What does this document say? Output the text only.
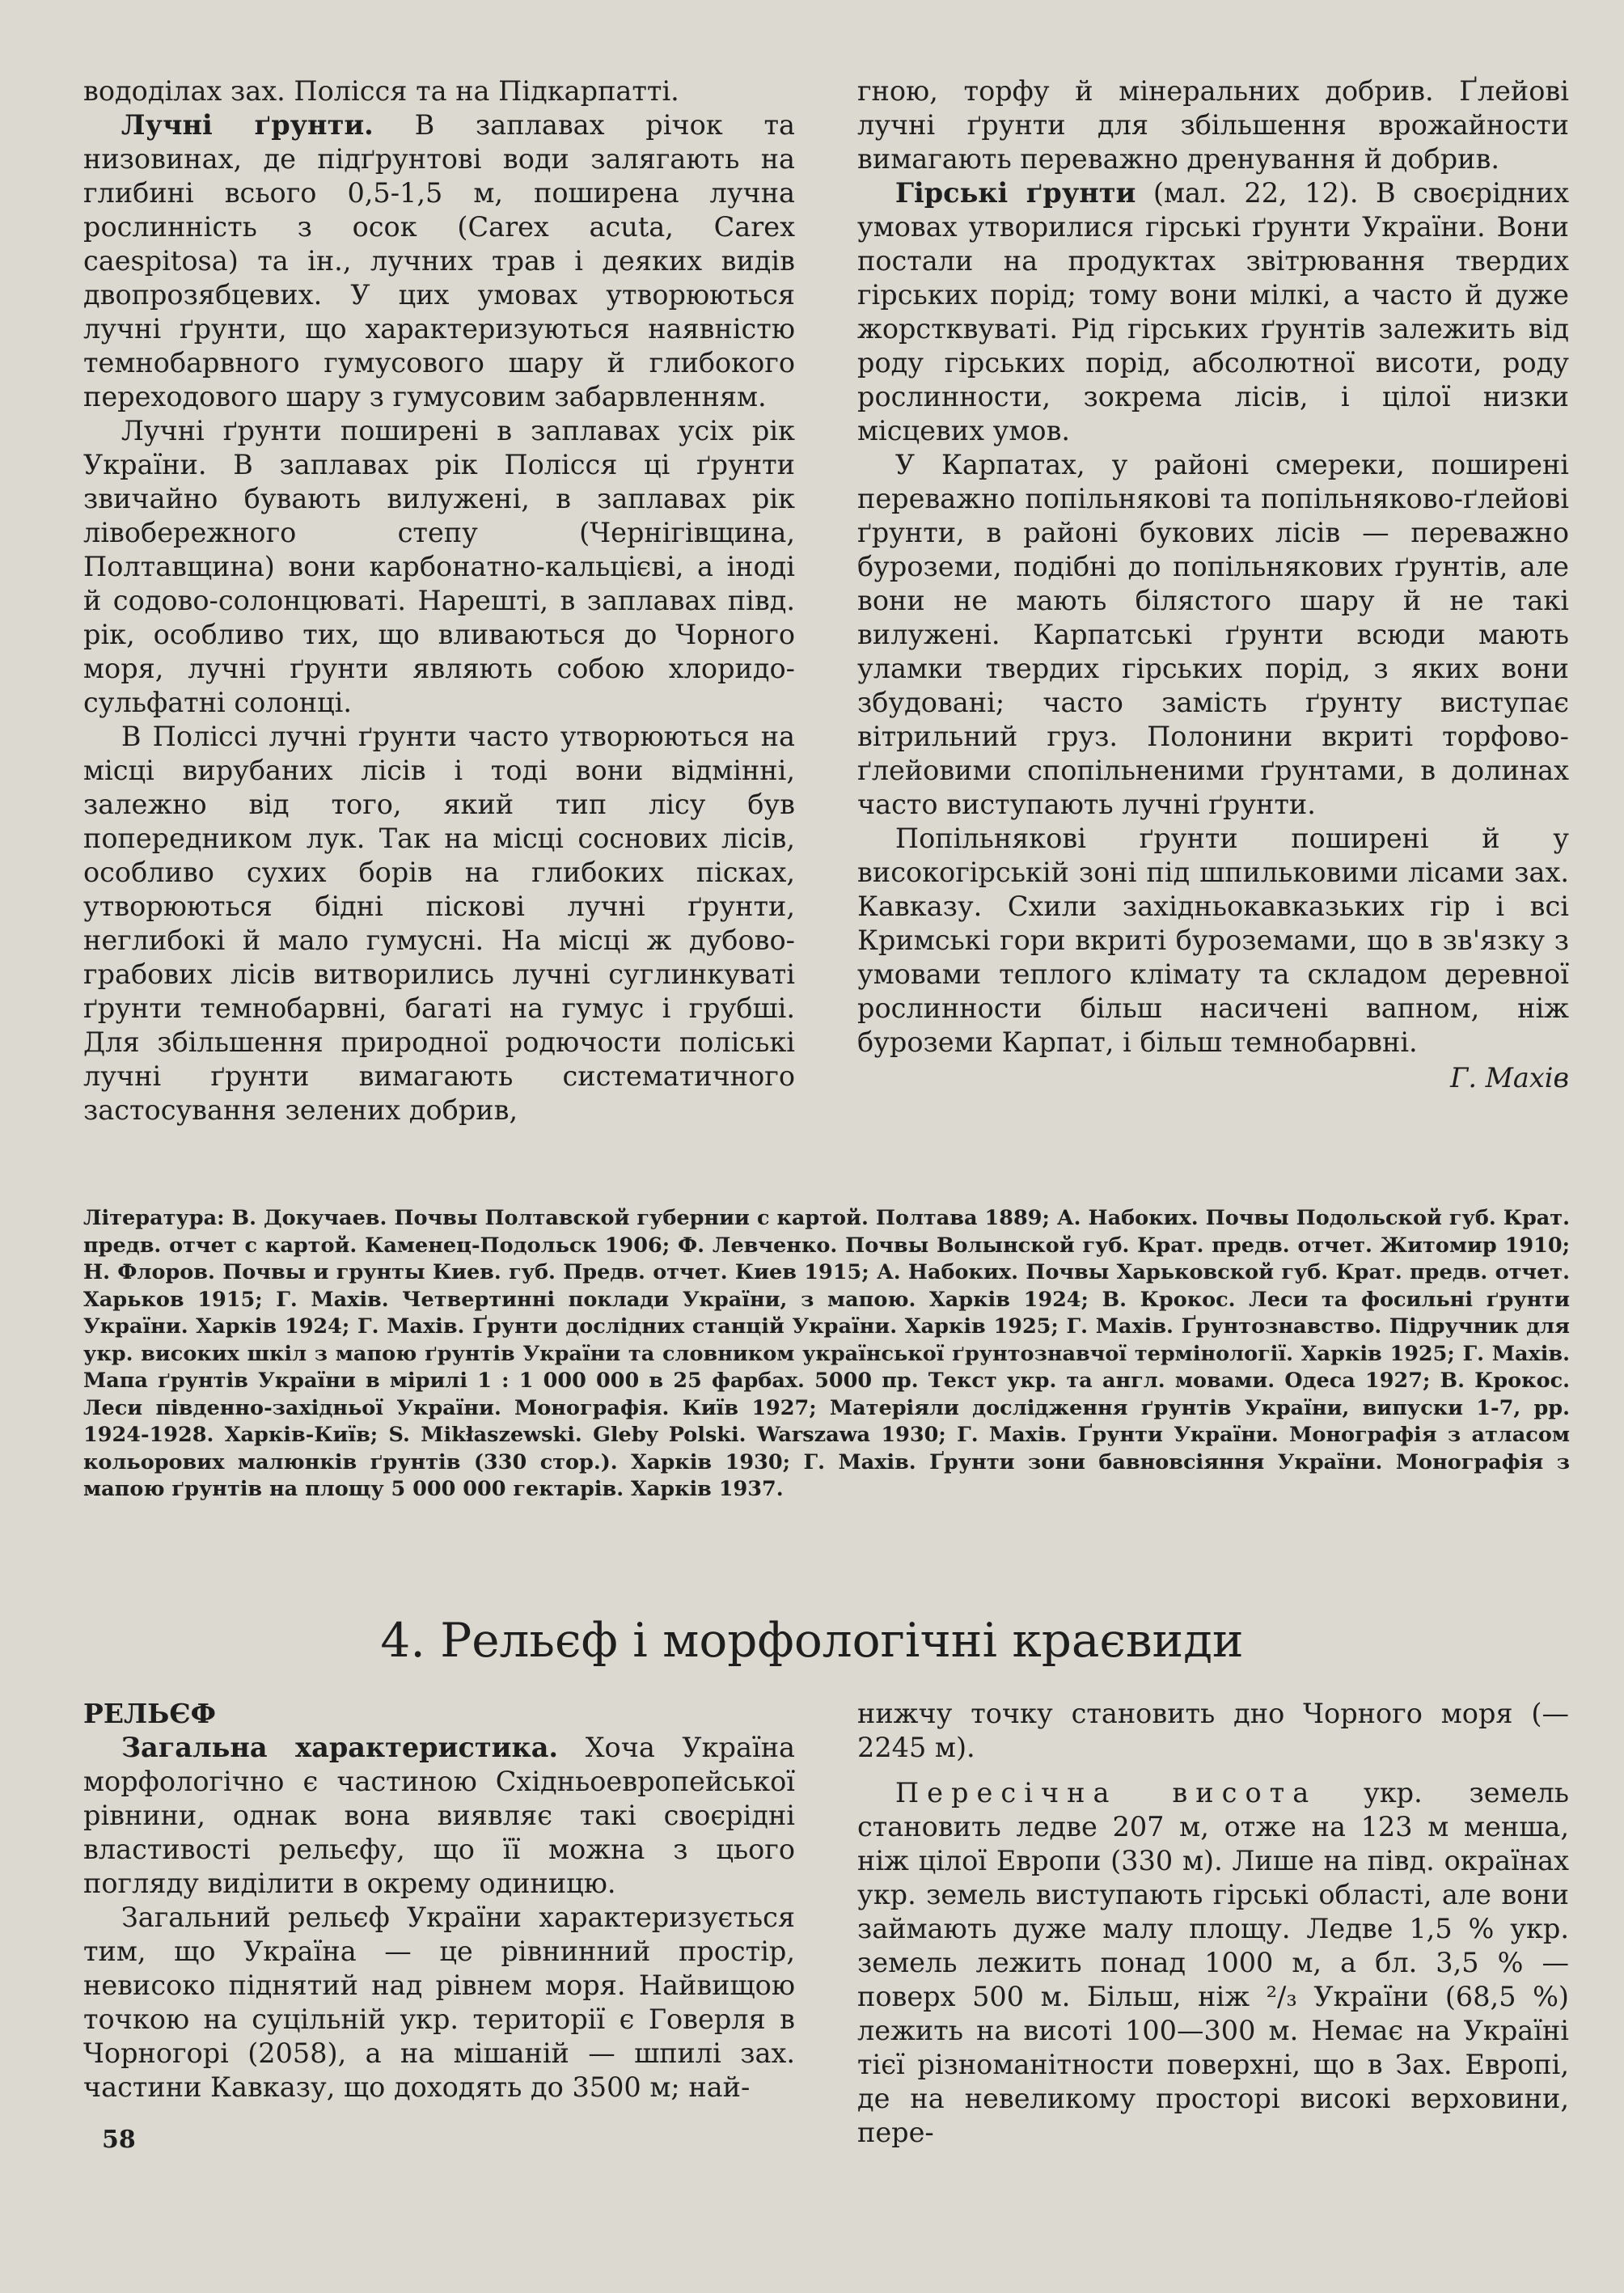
вододілах зах. Полісся та на Підкарпатті.

Лучні ґрунти. В заплавах річок та низовинах, де підґрунтові води залягають на глибині всього 0,5-1,5 м, поширена лучна рослинність з осок (Carex acuta, Carex caespitosa) та ін., лучних трав і деяких видів двопрозябцевих. У цих умовах утворюються лучні ґрунти, що характеризуються наявністю темнобарвного гумусового шару й глибокого переходового шару з гумусовим забарвленням.

Лучні ґрунти поширені в заплавах усіх рік України. В заплавах рік Полісся ці ґрунти звичайно бувають вилужені, в заплавах рік лівобережного степу (Чернігівщина, Полтавщина) вони карбонатно-кальцієві, а іноді й содово-солонцюваті. Нарешті, в заплавах півд. рік, особливо тих, що вливаються до Чорного моря, лучні ґрунти являють собою хлоридо-сульфатні солонці.

В Поліссі лучні ґрунти часто утворюються на місці вирубаних лісів і тоді вони відмінні, залежно від того, який тип лісу був попередником лук. Так на місці соснових лісів, особливо сухих борів на глибоких пісках, утворюються бідні піскові лучні ґрунти, неглибокі й мало гумусні. На місці ж дубово-грабових лісів витворились лучні суглинкуваті ґрунти темнобарвні, багаті на гумус і грубші. Для збільшення природної родючости поліські лучні ґрунти вимагають систематичного застосування зелених добрив,

гною, торфу й мінеральних добрив. Ґлейові лучні ґрунти для збільшення врожайности вимагають переважно дренування й добрив.

Гірські ґрунти (мал. 22, 12). В своєрідних умовах утворилися гірські ґрунти України. Вони постали на продуктах звітрювання твердих гірських порід; тому вони мілкі, а часто й дуже жорстквуваті. Рід гірських ґрунтів залежить від роду гірських порід, абсолютної висоти, роду рослинности, зокрема лісів, і цілої низки місцевих умов.

У Карпатах, у районі смереки, поширені переважно попільнякові та попільняково-ґлейові ґрунти, в районі букових лісів — переважно буроземи, подібні до попільнякових ґрунтів, але вони не мають білястого шару й не такі вилужені. Карпатські ґрунти всюди мають уламки твердих гірських порід, з яких вони збудовані; часто замість ґрунту виступає вітрильний груз. Полонини вкриті торфово-ґлейовими спопільненими ґрунтами, в долинах часто виступають лучні ґрунти.

Попільнякові ґрунти поширені й у високогірській зоні під шпильковими лісами зах. Кавказу. Схили західньокавказьких гір і всі Кримські гори вкриті буроземами, що в зв'язку з умовами теплого клімату та складом деревної рослинности більш насичені вапном, ніж буроземи Карпат, і більш темнобарвні.

Г. Махів
Література: В. Докучаев. Почвы Полтавской губернии с картой. Полтава 1889; А. Набоких. Почвы Подольской губ. Крат. предв. отчет с картой. Каменец-Подольск 1906; Ф. Левченко. Почвы Волынской губ. Крат. предв. отчет. Житомир 1910; Н. Флоров. Почвы и грунты Киев. губ. Предв. отчет. Киев 1915; А. Набоких. Почвы Харьковской губ. Крат. предв. отчет. Харьков 1915; Г. Махів. Четвертинні поклади України, з мапою. Харків 1924; В. Крокос. Леси та фосильні ґрунти України. Харків 1924; Г. Махів. Ґрунти дослідних станцій України. Харків 1925; Г. Махів. Ґрунтознавство. Підручник для укр. високих шкіл з мапою ґрунтів України та словником української ґрунтознавчої термінології. Харків 1925; Г. Махів. Мапа ґрунтів України в мірилі 1 : 1 000 000 в 25 фарбах. 5000 пр. Текст укр. та англ. мовами. Одеса 1927; В. Крокос. Леси південно-західньої України. Монографія. Київ 1927; Матеріяли дослідження ґрунтів України, випуски 1-7, рр. 1924-1928. Харків-Київ; S. Mikłaszewski. Gleby Polski. Warszawa 1930; Г. Махів. Ґрунти України. Монографія з атласом кольорових малюнків ґрунтів (330 стор.). Харків 1930; Г. Махів. Ґрунти зони бавновсіяння України. Монографія з мапою ґрунтів на площу 5 000 000 гектарів. Харків 1937.
4. Рельєф і морфологічні краєвиди

РЕЛЬЄФ

Загальна характеристика. Хоча Україна морфологічно є частиною Східньоевропейської рівнини, однак вона виявляє такі своєрідні властивості рельєфу, що її можна з цього погляду виділити в окрему одиницю.

Загальний рельєф України характеризується тим, що Україна — це рівнинний простір, невисоко піднятий над рівнем моря. Найвищою точкою на суцільній укр. території є Говерля в Чорногорі (2058), а на мішаній — шпилі зах. частини Кавказу, що доходять до 3500 м; най-

нижчу точку становить дно Чорного моря (— 2245 м).

Пересічна висота укр. земель становить ледве 207 м, отже на 123 м менша, ніж цілої Европи (330 м). Лише на півд. окраїнах укр. земель виступають гірські області, але вони займають дуже малу площу. Ледве 1,5 % укр. земель лежить понад 1000 м, а бл. 3,5 % — поверх 500 м. Більш, ніж ²/₃ України (68,5 %) лежить на висоті 100—300 м. Немає на Україні тієї різноманітности поверхні, що в Зах. Европі, де на невеликому просторі високі верховини, пере-

58
